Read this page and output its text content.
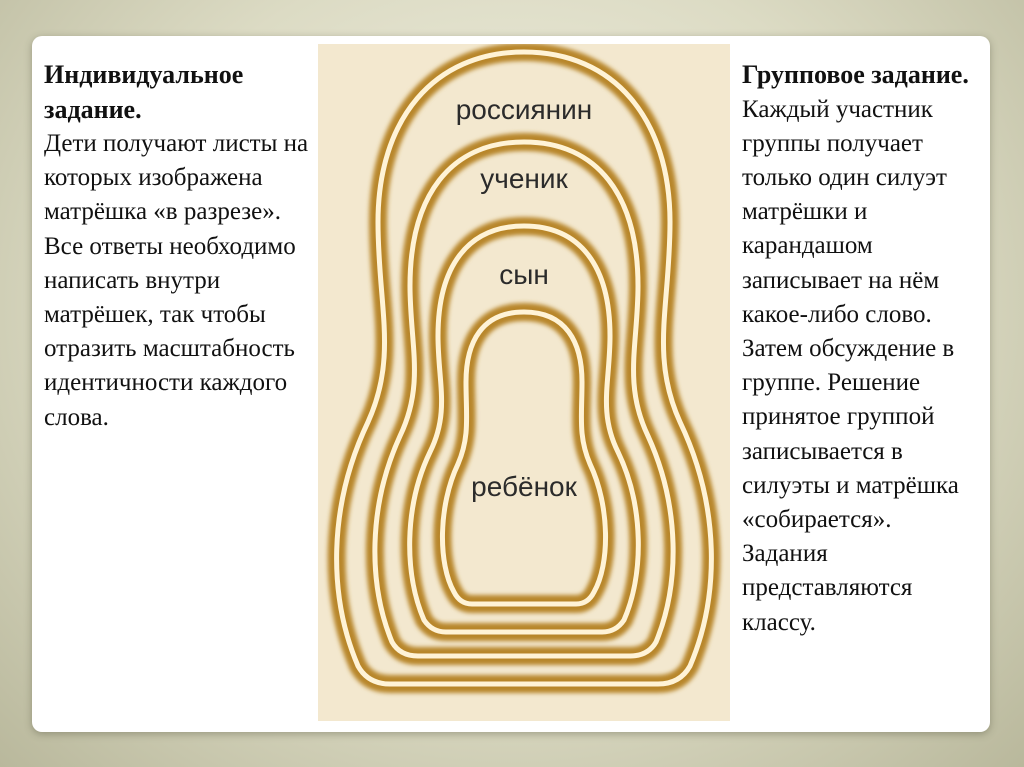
Индивидуальное задание.

Дети получают листы на которых изображена матрёшка «в разрезе».

Все ответы необходимо написать внутри матрёшек, так чтобы отразить масштабность идентичности каждого слова.

россиянин
ученик
сын
ребёнок
Групповое задание.

Каждый участник группы получает только один силуэт матрёшки и карандашом записывает на нём какое-либо слово.

Затем обсуждение в группе. Решение принятое группой записывается в силуэты и матрёшка «собирается».

Задания представляются классу.
